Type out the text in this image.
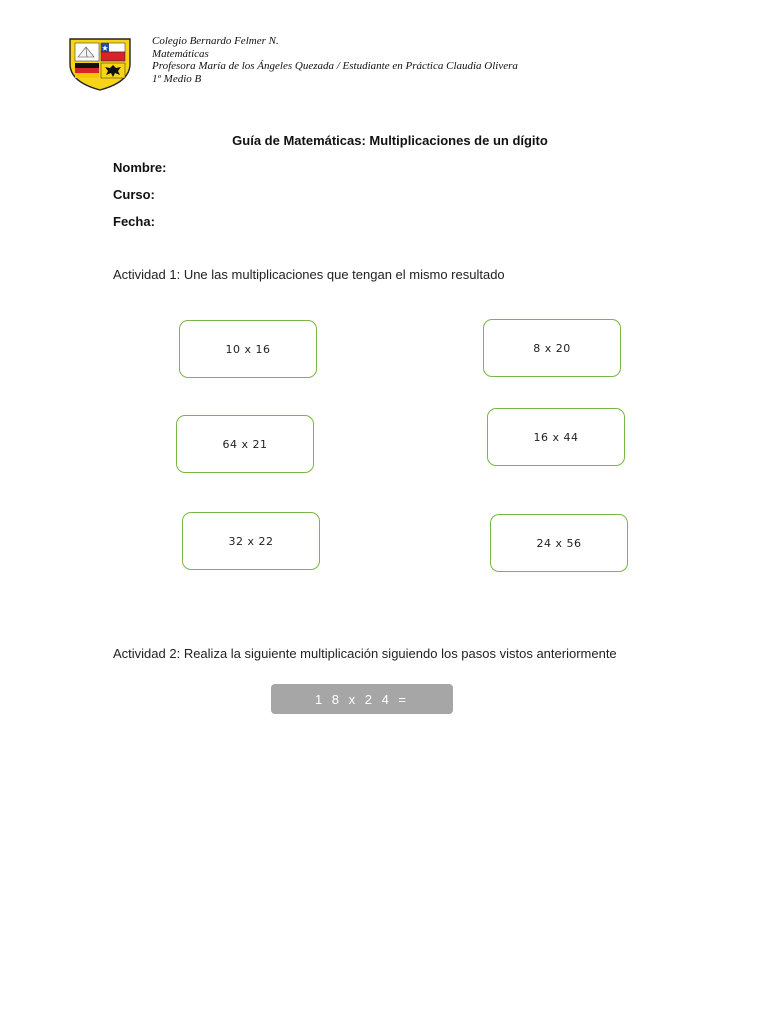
Colegio Bernardo Felmer N.
Matemáticas
Profesora María de los Ángeles Quezada / Estudiante en Práctica Claudia Olivera
1º Medio B
Guía de Matemáticas: Multiplicaciones de un dígito
Nombre:
Curso:
Fecha:
Actividad 1: Une las multiplicaciones que tengan el mismo resultado
10 x 16
64 x 21
32 x 22
8 x 20
16 x 44
24 x 56
Actividad 2: Realiza la siguiente multiplicación siguiendo los pasos vistos anteriormente
1 8 x 2 4 =
